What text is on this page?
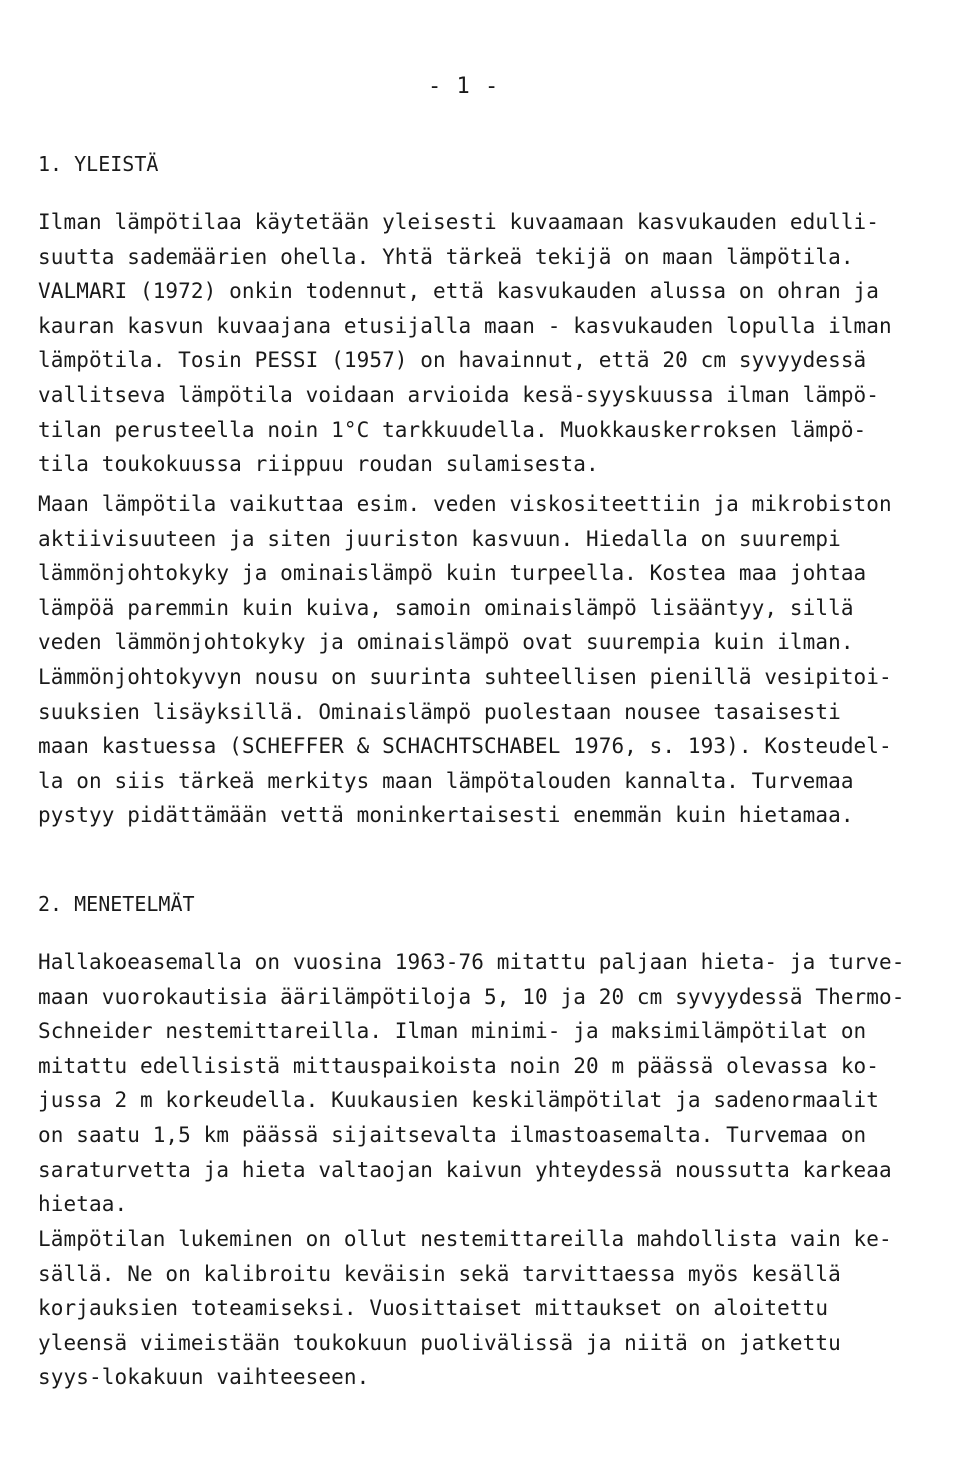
- 1 -
1. YLEISTÄ
Ilman lämpötilaa käytetään yleisesti kuvaamaan kasvukauden edulli-
suutta sademäärien ohella. Yhtä tärkeä tekijä on maan lämpötila.
VALMARI (1972) onkin todennut, että kasvukauden alussa on ohran ja
kauran kasvun kuvaajana etusijalla maan - kasvukauden lopulla ilman
lämpötila. Tosin PESSI (1957) on havainnut, että 20 cm syvyydessä
vallitseva lämpötila voidaan arvioida kesä-syyskuussa ilman lämpö-
tilan perusteella noin 1°C tarkkuudella. Muokkauskerroksen lämpö-
tila toukokuussa riippuu roudan sulamisesta.
Maan lämpötila vaikuttaa esim. veden viskositeettiin ja mikrobiston
aktiivisuuteen ja siten juuriston kasvuun. Hiedalla on suurempi
lämmönjohtokyky ja ominaislämpö kuin turpeella. Kostea maa johtaa
lämpöä paremmin kuin kuiva, samoin ominaislämpö lisääntyy, sillä
veden lämmönjohtokyky ja ominaislämpö ovat suurempia kuin ilman.
Lämmönjohtokyvyn nousu on suurinta suhteellisen pienillä vesipitoi-
suuksien lisäyksillä. Ominaislämpö puolestaan nousee tasaisesti
maan kastuessa (SCHEFFER & SCHACHTSCHABEL 1976, s. 193). Kosteudel-
la on siis tärkeä merkitys maan lämpötalouden kannalta. Turvemaa
pystyy pidättämään vettä moninkertaisesti enemmän kuin hietamaa.
2. MENETELMÄT
Hallakoeasemalla on vuosina 1963-76 mitattu paljaan hieta- ja turve-
maan vuorokautisia äärilämpötiloja 5, 10 ja 20 cm syvyydessä Thermo-
Schneider nestemittareilla. Ilman minimi- ja maksimilämpötilat on
mitattu edellisistä mittauspaikoista noin 20 m päässä olevassa ko-
jussa 2 m korkeudella. Kuukausien keskilämpötilat ja sadenormaalit
on saatu 1,5 km päässä sijaitsevalta ilmastoasemalta. Turvemaa on
saraturvetta ja hieta valtaojan kaivun yhteydessä noussutta karkeaa
hietaa.
Lämpötilan lukeminen on ollut nestemittareilla mahdollista vain ke-
sällä. Ne on kalibroitu keväisin sekä tarvittaessa myös kesällä
korjauksien toteamiseksi. Vuosittaiset mittaukset on aloitettu
yleensä viimeistään toukokuun puolivälissä ja niitä on jatkettu
syys-lokakuun vaihteeseen.
